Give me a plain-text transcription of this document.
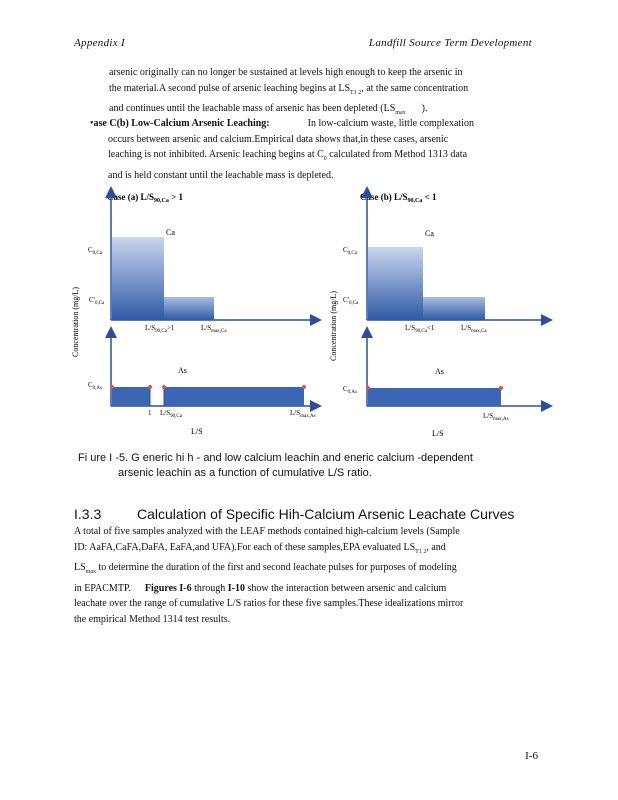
Appendix I	Landfill Source Term Development
arsenic originally can no longer be sustained at levels high enough to keep the arsenic in
the material.A second pulse of arsenic leaching begins at $LS_{T1 2}$, at the same concentration
and continues until the leachable mass of arsenic has been depleted ($LS_{max}$ ).
•ase C(b) Low-Calcium Arsenic Leaching:	In low-calcium waste, little complexation
occurs between arsenic and calcium.Empirical data shows that,in these cases, arsenic
leaching is not inhibited. Arsenic leaching begins at $C_0$ calculated from Method 1313 data
and is held constant until the leachable mass is depleted.
Case (a) $L/S_{90,Ca} > 1$
Ca
$C_{0,Ca}$
$C'_{0,Ca}$
$L/S_{90,Ca}>1$	$L/S_{max,Ca}$
Concentration (mg/L)
As
$C_{0,As}$
1 $L/S_{90,Ca}$	$L/S_{max,As}$
L/S
Case (b) $L/S_{90,Ca} < 1$
Ca
$C_{0,Ca}$
$C'_{0,Ca}$
$L/S_{90,Ca}<1$	$L/S_{max,Ca}$
Concentration (mg/L)
As
$C_{0,As}$
$L/S_{max,As}$
L/S
Fi ure I -5. G eneric hi h - and low calcium leachin and eneric calcium -dependent
arsenic leachin as a function of cumulative L/S ratio.
I.3.3	Calculation of Specific Hih-Calcium Arsenic Leachate Curves
A total of five samples analyzed with the LEAF methods contained high-calcium levels (Sample
ID: AaFA,CaFA,DaFA, EaFA,and UFA).For each of these samples,EPA evaluated $LS_{T1 2}$, and
$LS_{max}$ to determine the duration of the first and second leachate pulses for purposes of modeling
in EPACMTP. Figures I-6 through I-10 show the interaction between arsenic and calcium
leachate over the range of cumulative L/S ratios for these five samples.These idealizations mirror
the empirical Method 1314 test results.
I-6
